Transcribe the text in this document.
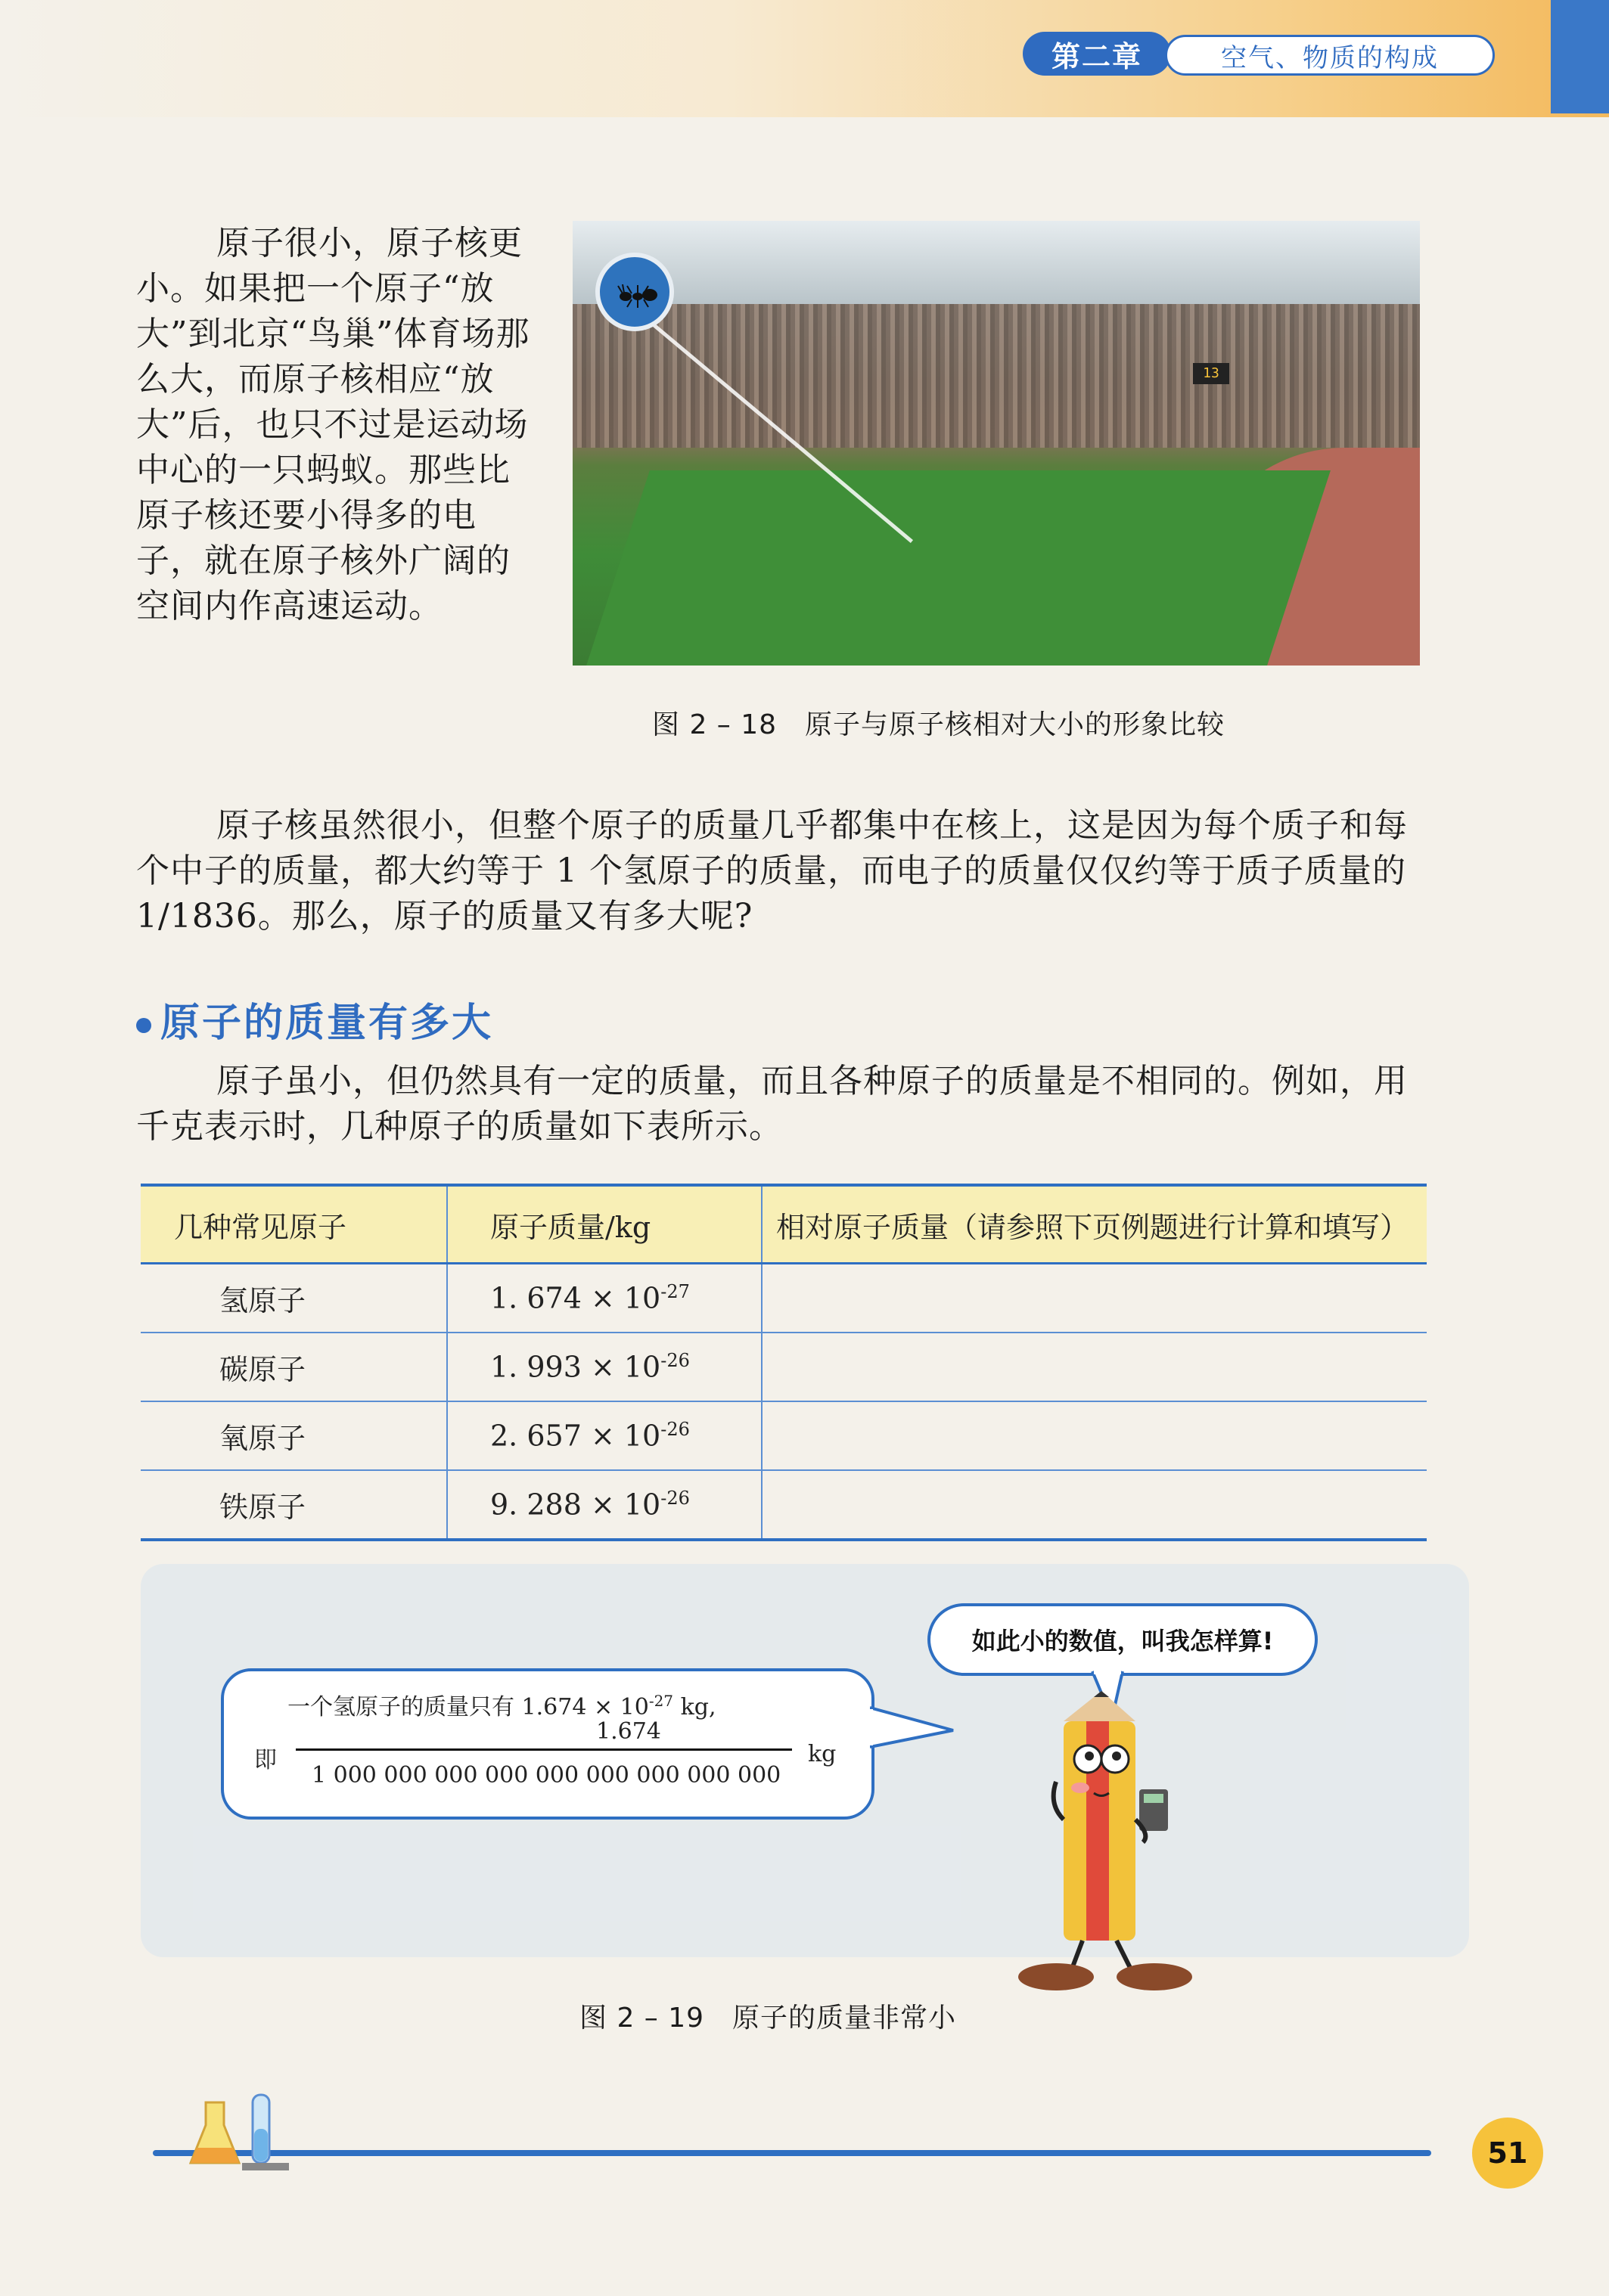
第二章	空气、物质的构成
原子很小，原子核更小。如果把一个原子“放大”到北京“鸟巢”体育场那么大，而原子核相应“放大”后，也只不过是运动场中心的一只蚂蚁。那些比原子核还要小得多的电子，就在原子核外广阔的空间内作高速运动。
13
图 2 – 18　原子与原子核相对大小的形象比较
原子核虽然很小，但整个原子的质量几乎都集中在核上，这是因为每个质子和每个中子的质量，都大约等于 1 个氢原子的质量，而电子的质量仅仅约等于质子质量的 1/1836。那么，原子的质量又有多大呢?
原子的质量有多大
原子虽小，但仍然具有一定的质量，而且各种原子的质量是不相同的。例如，用千克表示时，几种原子的质量如下表所示。
几种常见原子	原子质量/kg	相对原子质量（请参照下页例题进行计算和填写）
氢原子	1. $674 \times 10^{-27}$	
碳原子	1. $993 \times 10^{-26}$	
氧原子	2. $657 \times 10^{-26}$	
铁原子	9. $288 \times 10^{-26}$	
一个氢原子的质量只有 $1.674 \times 10^{-27}$ kg,
即
1.674
1 000 000 000 000 000 000 000 000 000
kg
如此小的数值，叫我怎样算!
图 2 – 19　原子的质量非常小
51
